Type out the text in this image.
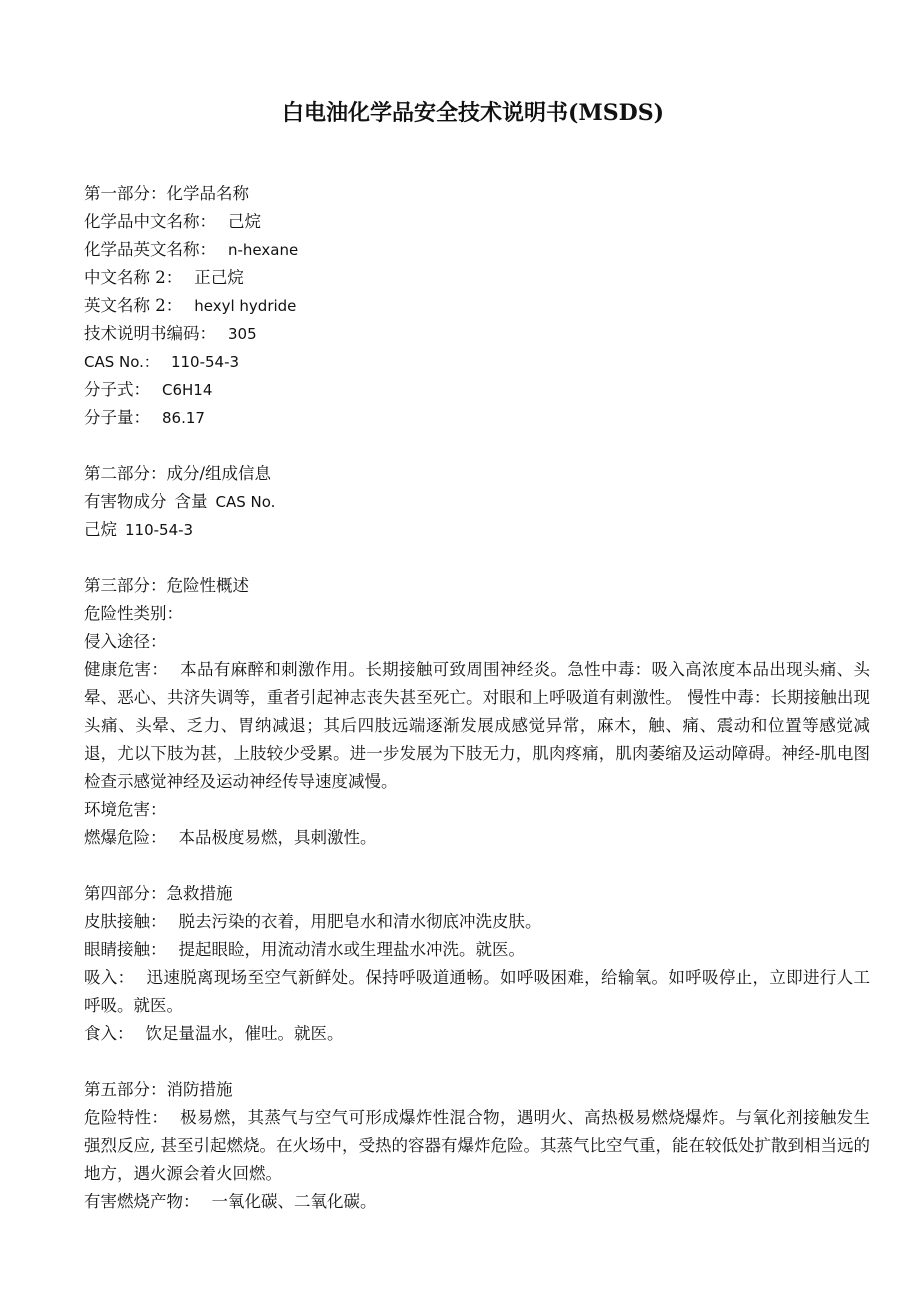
白电油化学品安全技术说明书(MSDS)
第一部分：化学品名称
化学品中文名称： 己烷
化学品英文名称： n-hexane
中文名称 2： 正己烷
英文名称 2： hexyl hydride
技术说明书编码： 305
CAS No.： 110-54-3
分子式： C6H14
分子量： 86.17
第二部分：成分/组成信息
有害物成分 含量 CAS No.
己烷 110-54-3
第三部分：危险性概述
危险性类别：
侵入途径：
健康危害： 本品有麻醉和刺激作用。长期接触可致周围神经炎。急性中毒：吸入高浓度本品出现头痛、头晕、恶心、共济失调等，重者引起神志丧失甚至死亡。对眼和上呼吸道有刺激性。 慢性中毒：长期接触出现头痛、头晕、乏力、胃纳减退；其后四肢远端逐渐发展成感觉异常，麻木，触、痛、震动和位置等感觉减退，尤以下肢为甚，上肢较少受累。进一步发展为下肢无力，肌肉疼痛，肌肉萎缩及运动障碍。神经-肌电图检查示感觉神经及运动神经传导速度减慢。
环境危害：
燃爆危险： 本品极度易燃，具刺激性。
第四部分：急救措施
皮肤接触： 脱去污染的衣着，用肥皂水和清水彻底冲洗皮肤。
眼睛接触： 提起眼睑，用流动清水或生理盐水冲洗。就医。
吸入： 迅速脱离现场至空气新鲜处。保持呼吸道通畅。如呼吸困难，给输氧。如呼吸停止，立即进行人工呼吸。就医。
食入： 饮足量温水，催吐。就医。
第五部分：消防措施
危险特性： 极易燃，其蒸气与空气可形成爆炸性混合物，遇明火、高热极易燃烧爆炸。与氧化剂接触发生强烈反应, 甚至引起燃烧。在火场中，受热的容器有爆炸危险。其蒸气比空气重，能在较低处扩散到相当远的地方，遇火源会着火回燃。
有害燃烧产物： 一氧化碳、二氧化碳。
